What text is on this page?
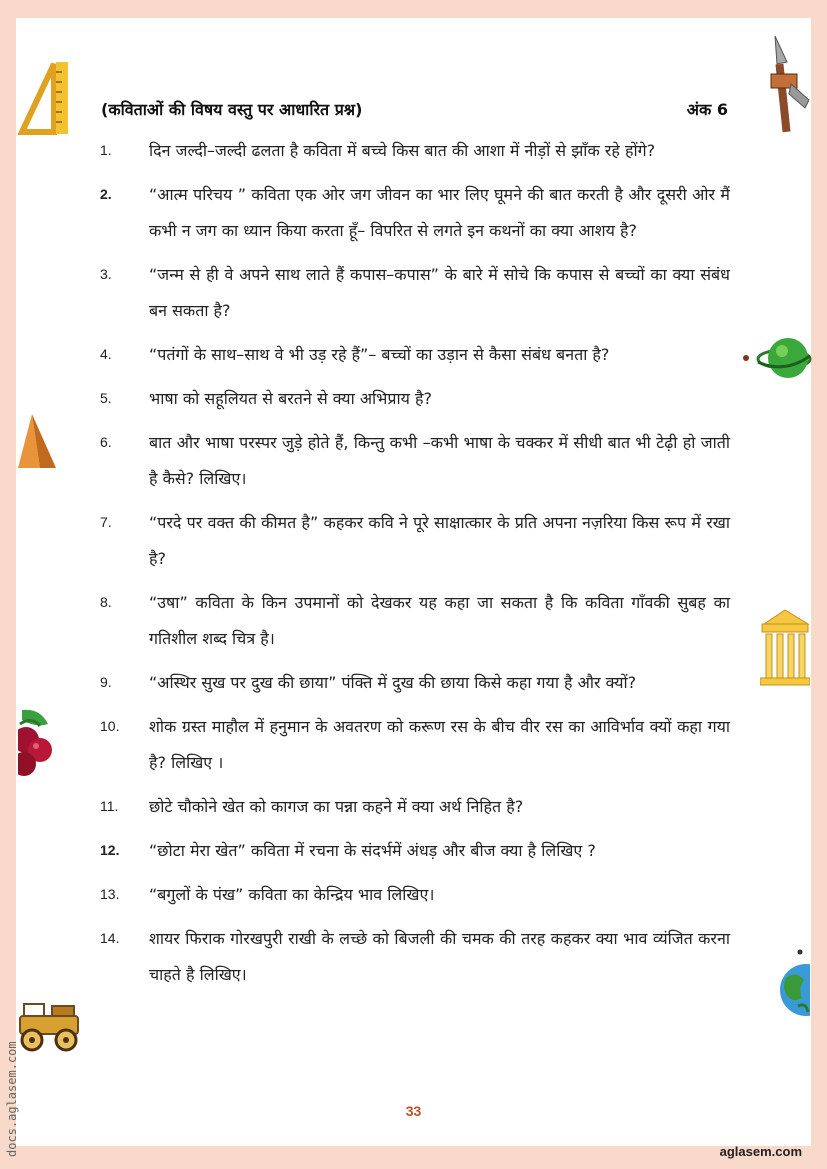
(कविताओं की विषय वस्तु पर आधारित प्रश्न)	अंक 6
1.	दिन जल्दी–जल्दी ढलता है कविता में बच्चे किस बात की आशा में नीड़ों से झाँक रहे होंगे?
2.	“आत्म परिचय ” कविता एक ओर जग जीवन का भार लिए घूमने की बात करती है और दूसरी ओर मैं कभी न जग का ध्यान किया करता हूँ– विपरित से लगते इन कथनों का क्या आशय है?
3.	“जन्म से ही वे अपने साथ लाते हैं कपास–कपास” के बारे में सोचे कि कपास से बच्चों का क्या संबंध बन सकता है?
4.	“पतंगों के साथ–साथ वे भी उड़ रहे हैं”– बच्चों का उड़ान से कैसा संबंध बनता है?
5.	भाषा को सहूलियत से बरतने से क्या अभिप्राय है?
6.	बात और भाषा परस्पर जुड़े होते हैं, किन्तु कभी –कभी भाषा के चक्कर में सीधी बात भी टेढ़ी हो जाती है कैसे? लिखिए।
7.	“परदे पर वक्त की कीमत है” कहकर कवि ने पूरे साक्षात्कार के प्रति अपना नज़रिया किस रूप में रखा है?
8.	“उषा” कविता के किन उपमानों को देखकर यह कहा जा सकता है कि कविता गाँवकी सुबह का गतिशील शब्द चित्र है।
9.	“अस्थिर सुख पर दुख की छाया” पंक्ति में दुख की छाया किसे कहा गया है और क्यों?
10.	शोक ग्रस्त माहौल में हनुमान के अवतरण को करूण रस के बीच वीर रस का आविर्भाव क्यों कहा गया है? लिखिए ।
11.	छोटे चौकोने खेत को कागज का पन्ना कहने में क्या अर्थ निहित है?
12.	“छोटा मेरा खेत” कविता में रचना के संदर्भमें अंधड़ और बीज क्या है लिखिए ?
13.	“बगुलों के पंख” कविता का केन्द्रिय भाव लिखिए।
14.	शायर फिराक गोरखपुरी राखी के लच्छे को बिजली की चमक की तरह कहकर क्या भाव व्यंजित करना चाहते है लिखिए।
33
aglasem.com
docs.aglasem.com
